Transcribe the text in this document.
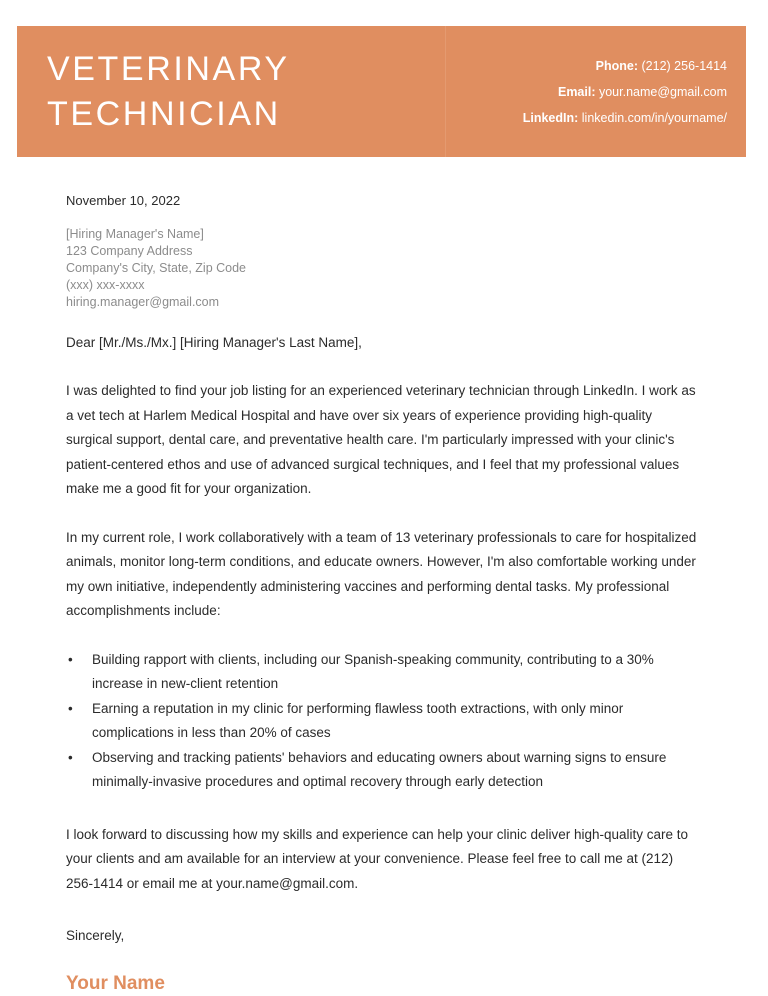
VETERINARY
TECHNICIAN
Phone: (212) 256-1414
Email: your.name@gmail.com
LinkedIn: linkedin.com/in/yourname/
November 10, 2022
[Hiring Manager's Name]
123 Company Address
Company's City, State, Zip Code
(xxx) xxx-xxxx
hiring.manager@gmail.com
Dear [Mr./Ms./Mx.] [Hiring Manager's Last Name],
I was delighted to find your job listing for an experienced veterinary technician through LinkedIn. I work as a vet tech at Harlem Medical Hospital and have over six years of experience providing high-quality surgical support, dental care, and preventative health care. I'm particularly impressed with your clinic's patient-centered ethos and use of advanced surgical techniques, and I feel that my professional values make me a good fit for your organization.
In my current role, I work collaboratively with a team of 13 veterinary professionals to care for hospitalized animals, monitor long-term conditions, and educate owners. However, I'm also comfortable working under my own initiative, independently administering vaccines and performing dental tasks. My professional accomplishments include:
• Building rapport with clients, including our Spanish-speaking community, contributing to a 30% increase in new-client retention
• Earning a reputation in my clinic for performing flawless tooth extractions, with only minor complications in less than 20% of cases
• Observing and tracking patients' behaviors and educating owners about warning signs to ensure minimally-invasive procedures and optimal recovery through early detection
I look forward to discussing how my skills and experience can help your clinic deliver high-quality care to your clients and am available for an interview at your convenience. Please feel free to call me at (212) 256-1414 or email me at your.name@gmail.com.
Sincerely,
Your Name
